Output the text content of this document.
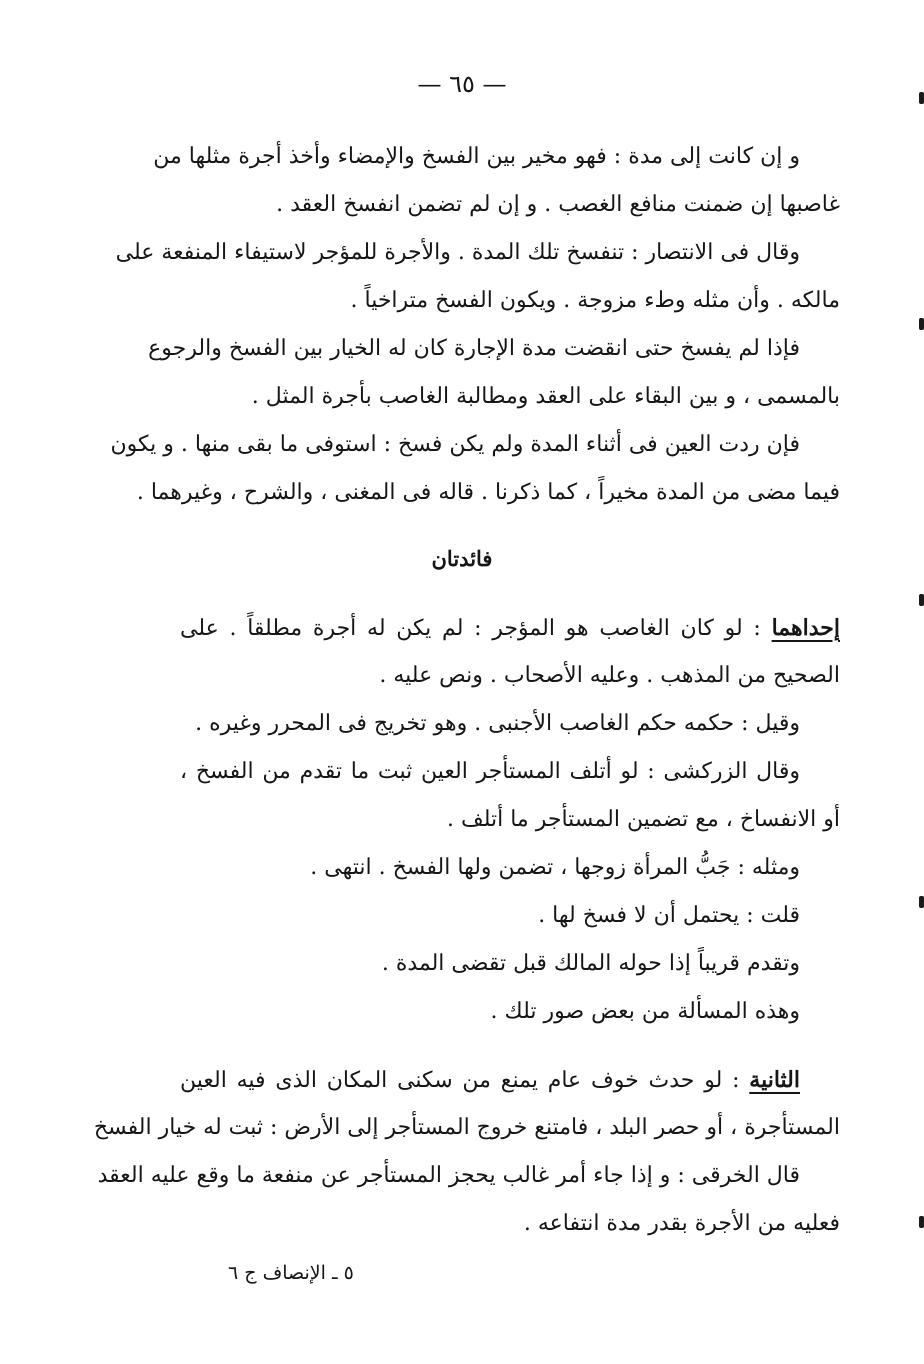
— ٦٥ —
و إن كانت إلى مدة : فهو مخير بين الفسخ والإمضاء وأخذ أجرة مثلها من
غاصبها إن ضمنت منافع الغصب . و إن لم تضمن انفسخ العقد .
وقال فى الانتصار : تنفسخ تلك المدة . والأجرة للمؤجر لاستيفاء المنفعة على
مالكه . وأن مثله وطء مزوجة . ويكون الفسخ متراخياً .
فإذا لم يفسخ حتى انقضت مدة الإجارة كان له الخيار بين الفسخ والرجوع
بالمسمى ، و بين البقاء على العقد ومطالبة الغاصب بأجرة المثل .
فإن ردت العين فى أثناء المدة ولم يكن فسخ : استوفى ما بقى منها . و يكون
فيما مضى من المدة مخيراً ، كما ذكرنا . قاله فى المغنى ، والشرح ، وغيرهما .
فائدتان
إحداهما : لو كان الغاصب هو المؤجر : لم يكن له أجرة مطلقاً . على
الصحيح من المذهب . وعليه الأصحاب . ونص عليه .
وقيل : حكمه حكم الغاصب الأجنبى . وهو تخريج فى المحرر وغيره .
وقال الزركشى : لو أتلف المستأجر العين ثبت ما تقدم من الفسخ ،
أو الانفساخ ، مع تضمين المستأجر ما أتلف .
ومثله : جَبُّ المرأة زوجها ، تضمن ولها الفسخ . انتهى .
قلت : يحتمل أن لا فسخ لها .
وتقدم قريباً إذا حوله المالك قبل تقضى المدة .
وهذه المسألة من بعض صور تلك .
الثانية : لو حدث خوف عام يمنع من سكنى المكان الذى فيه العين
المستأجرة ، أو حصر البلد ، فامتنع خروج المستأجر إلى الأرض : ثبت له خيار الفسخ
قال الخرقى : و إذا جاء أمر غالب يحجز المستأجر عن منفعة ما وقع عليه العقد
فعليه من الأجرة بقدر مدة انتفاعه .
٥ ـ الإنصاف ج ٦
